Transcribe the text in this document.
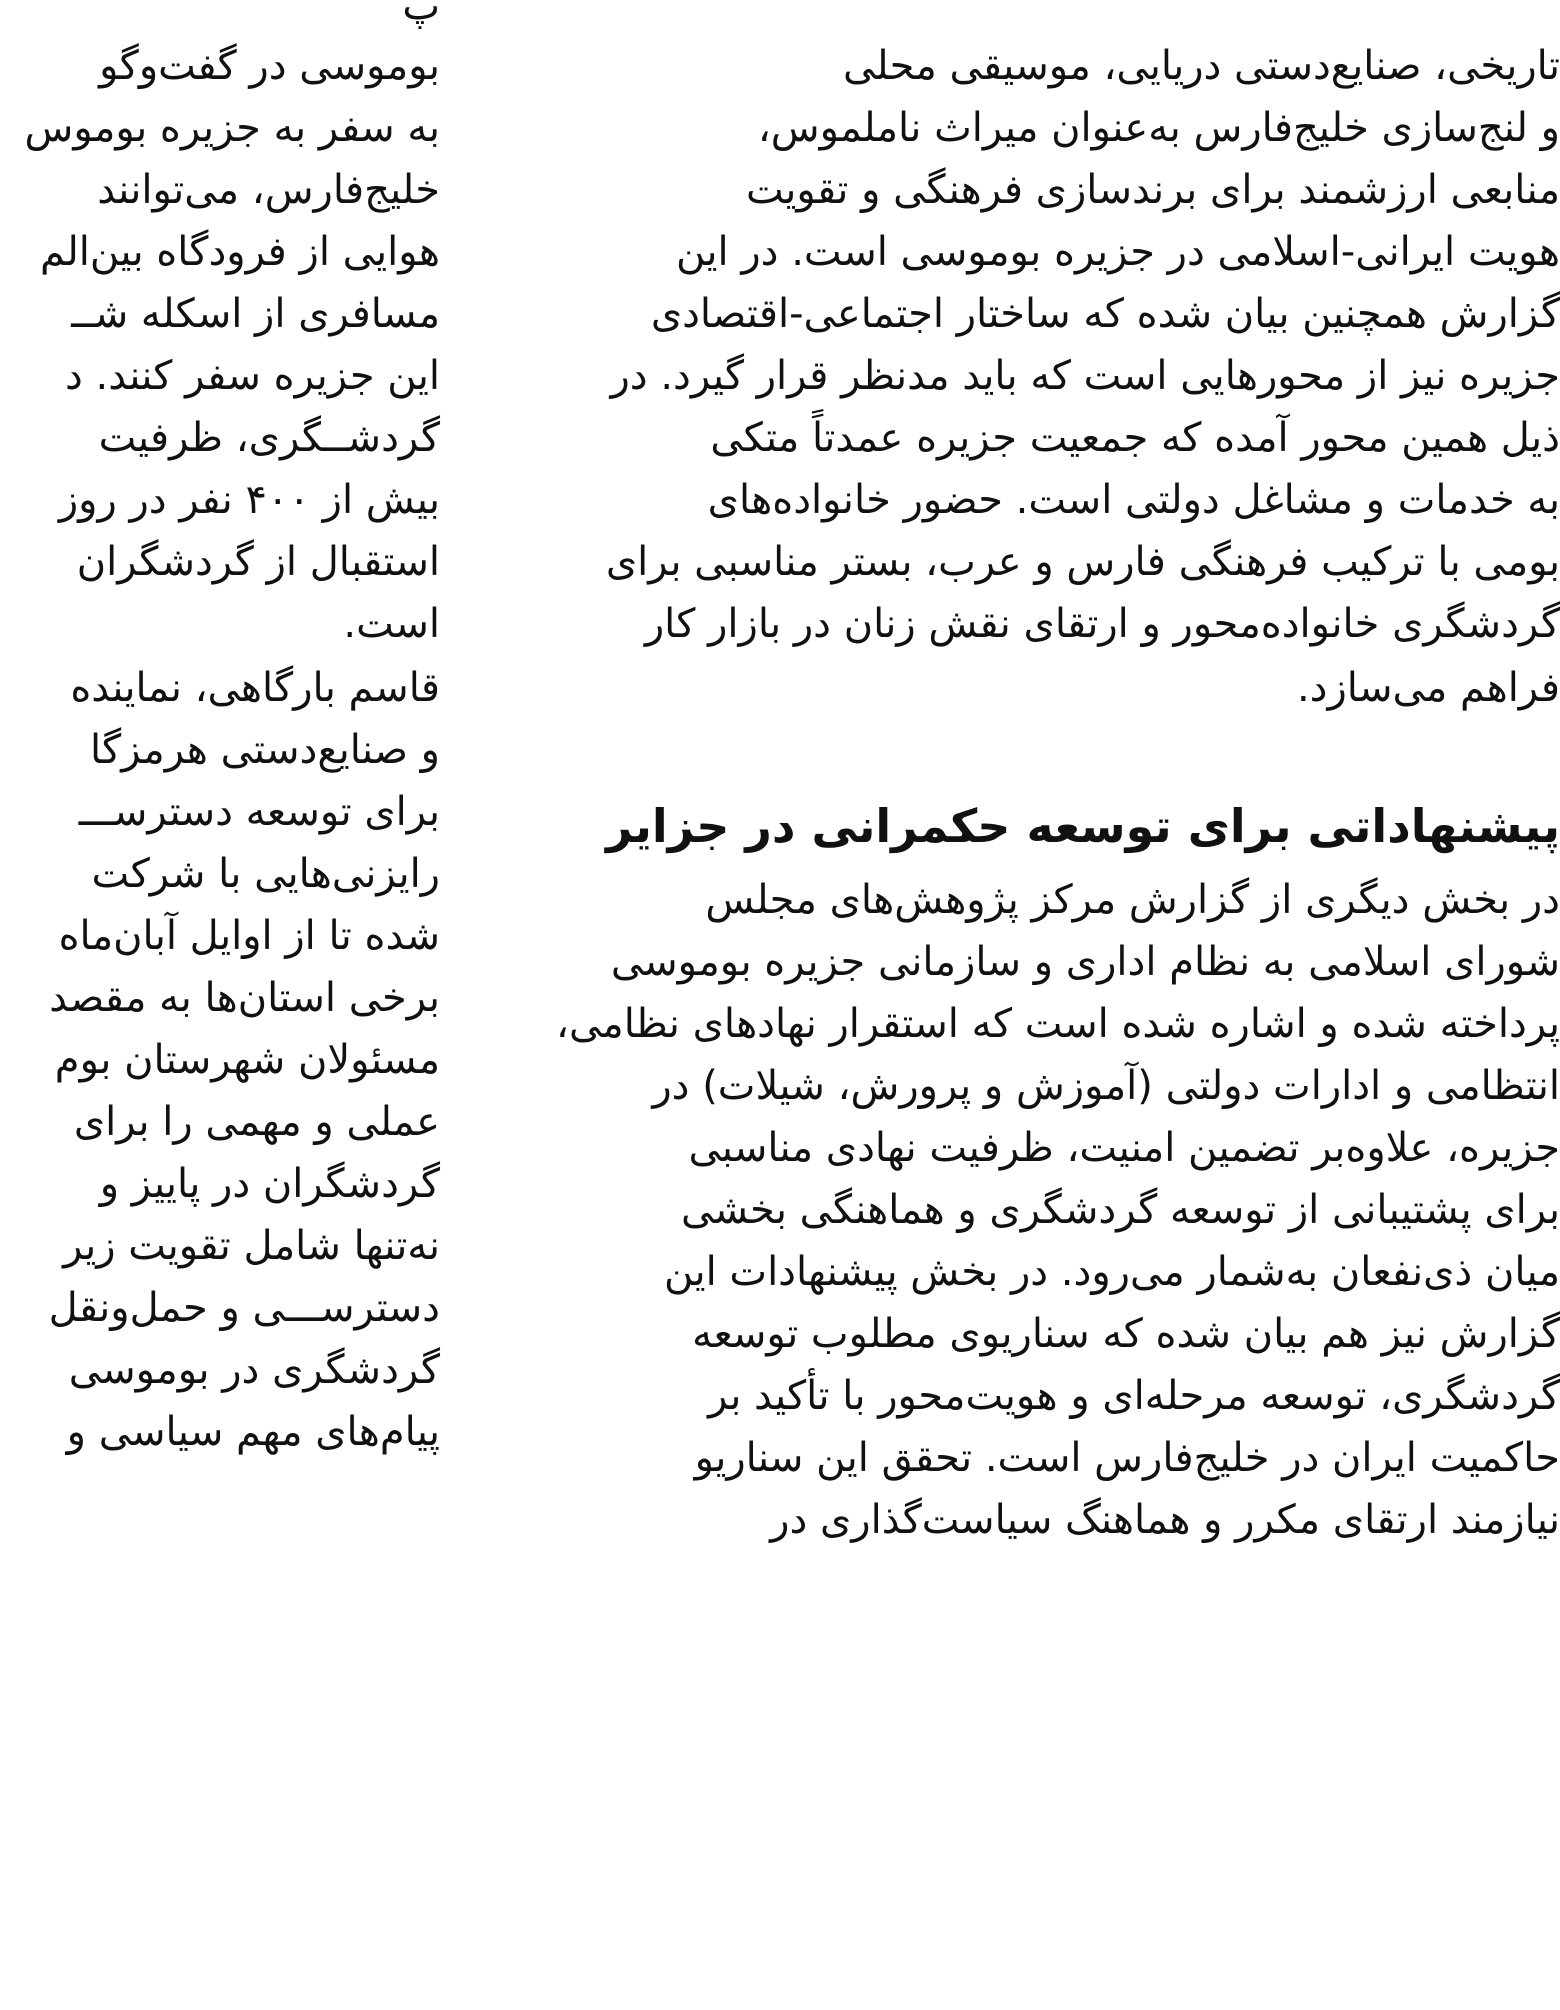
پ
بوموسی در گفت‌وگو
به سفر به جزیره بوموس
خلیج‌فارس، می‌توانند
هوایی از فرودگاه بین‌الم
مسافری از اسکله شــ
این جزیره سفر کنند. د
گردشــگری، ظرفیت
بیش از ۴۰۰ نفر در روز
استقبال از گردشگران
است.
قاسم بارگاهی، نماینده
و صنایع‌دستی هرمزگا
برای توسعه دسترســـ
رایزنی‌هایی با شرکت
شده تا از اوایل آبان‌ماه
برخی استان‌ها به مقصد
مسئولان شهرستان بوم
عملی و مهمی را برای
گردشگران در پاییز و
نه‌تنها شامل تقویت زیر
دسترســـی و حمل‌ونقل
گردشگری در بوموسی
پیام‌های مهم سیاسی و
تاریخی، صنایع‌دستی دریایی، موسیقی محلی
و لنج‌سازی خلیج‌فارس به‌عنوان میراث ناملموس،
منابعی ارزشمند برای برندسازی فرهنگی و تقویت
هویت ایرانی-اسلامی در جزیره بوموسی است. در این
گزارش همچنین بیان شده که ساختار اجتماعی-اقتصادی
جزیره نیز از محورهایی است که باید مدنظر قرار گیرد. در
ذیل همین محور آمده که جمعیت جزیره عمدتاً متکی
به خدمات و مشاغل دولتی است. حضور خانواده‌های
بومی با ترکیب فرهنگی فارس و عرب، بستر مناسبی برای
گردشگری خانواده‌محور و ارتقای نقش زنان در بازار کار
فراهم می‌سازد.
پیشنهاداتی برای توسعه حکمرانی در جزایر
در بخش دیگری از گزارش مرکز پژوهش‌های مجلس
شورای اسلامی به نظام اداری و سازمانی جزیره بوموسی
پرداخته شده و اشاره شده است که استقرار نهادهای نظامی،
انتظامی و ادارات دولتی (آموزش و پرورش، شیلات) در
جزیره، علاوه‌بر تضمین امنیت، ظرفیت نهادی مناسبی
برای پشتیبانی از توسعه گردشگری و هماهنگی بخشی
میان ذی‌نفعان به‌شمار می‌رود. در بخش پیشنهادات این
گزارش نیز هم بیان شده که سناریوی مطلوب توسعه
گردشگری، توسعه مرحله‌ای و هویت‌محور با تأکید بر
حاکمیت ایران در خلیج‌فارس است. تحقق این سناریو
نیازمند ارتقای مکرر و هماهنگ سیاست‌گذاری در
